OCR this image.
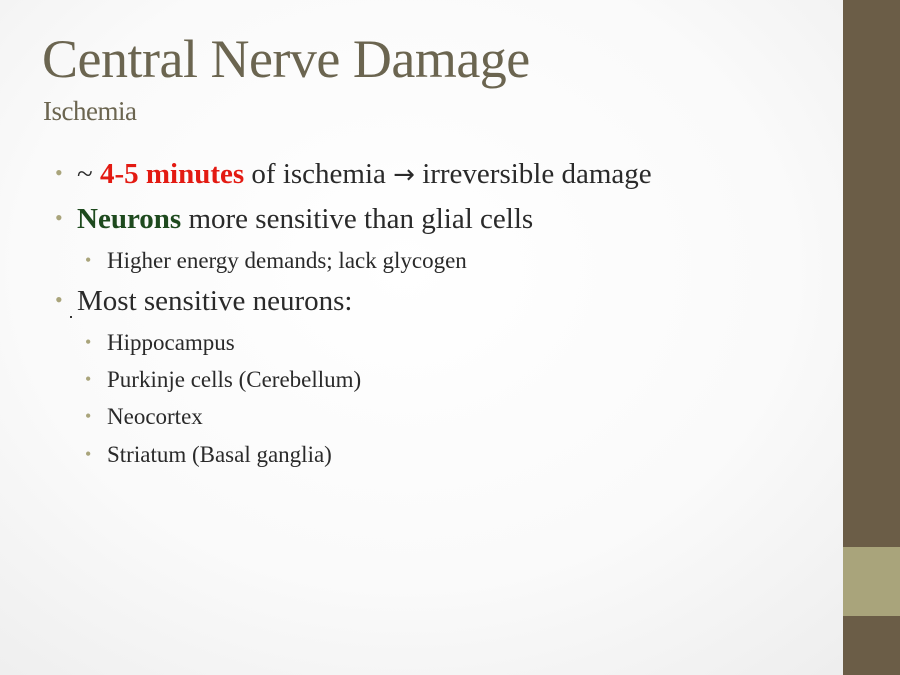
Central Nerve Damage
Ischemia
• ~ 4-5 minutes of ischemia → irreversible damage
• Neurons more sensitive than glial cells
• Higher energy demands; lack glycogen
• Most sensitive neurons:
• Hippocampus
• Purkinje cells (Cerebellum)
• Neocortex
• Striatum (Basal ganglia)
